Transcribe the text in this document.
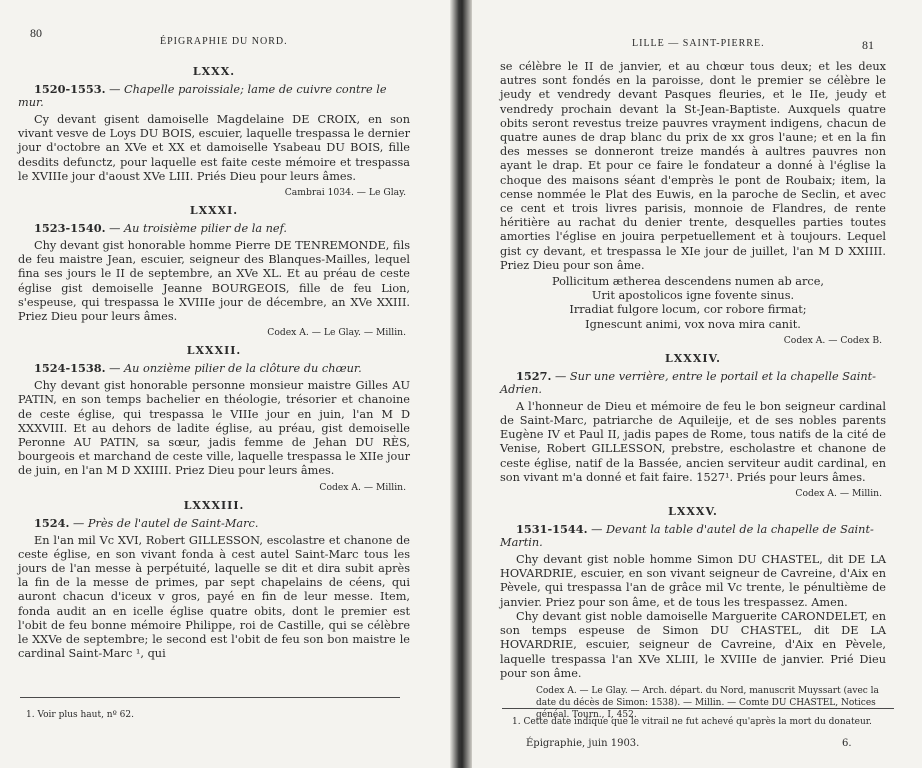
80
ÉPIGRAPHIE DU NORD.
LXXX.

1520-1553. — Chapelle paroissiale; lame de cuivre contre le mur.

Cy devant gisent damoiselle Magdelaine DE CROIX, en son vivant vesve de Loys DU BOIS, escuier, laquelle trespassa le dernier jour d'octobre an XVe et XX et damoiselle Ysabeau DU BOIS, fille desdits defunctz, pour laquelle est faite ceste mémoire et trespassa le XVIIIe jour d'aoust XVe LIII. Priés Dieu pour leurs âmes.

Cambrai 1034. — Le Glay.
LXXXI.

1523-1540. — Au troisième pilier de la nef.

Chy devant gist honorable homme Pierre DE TENREMONDE, fils de feu maistre Jean, escuier, seigneur des Blanques-Mailles, lequel fina ses jours le II de septembre, an XVe XL. Et au préau de ceste église gist demoiselle Jeanne BOURGEOIS, fille de feu Lion, s'espeuse, qui trespassa le XVIIIe jour de décembre, an XVe XXIII. Priez Dieu pour leurs âmes.

Codex A. — Le Glay. — Millin.
LXXXII.

1524-1538. — Au onzième pilier de la clôture du chœur.

Chy devant gist honorable personne monsieur maistre Gilles AU PATIN, en son temps bachelier en théologie, trésorier et chanoine de ceste église, qui trespassa le VIIIe jour en juin, l'an M D XXXVIII. Et au dehors de ladite église, au préau, gist demoiselle Peronne AU PATIN, sa sœur, jadis femme de Jehan DU RÈS, bourgeois et marchand de ceste ville, laquelle trespassa le XIIe jour de juin, en l'an M D XXIIII. Priez Dieu pour leurs âmes.

Codex A. — Millin.
LXXXIII.

1524. — Près de l'autel de Saint-Marc.

En l'an mil Vc XVI, Robert GILLESSON, escolastre et chanone de ceste église, en son vivant fonda à cest autel Saint-Marc tous les jours de l'an messe à perpétuité, laquelle se dit et dira subit après la fin de la messe de primes, par sept chapelains de céens, qui auront chacun d'iceux v gros, payé en fin de leur messe. Item, fonda audit an en icelle église quatre obits, dont le premier est l'obit de feu bonne mémoire Philippe, roi de Castille, qui se célèbre le XXVe de septembre; le second est l'obit de feu son bon maistre le cardinal Saint-Marc ¹, qui

1. Voir plus haut, nº 62.
LILLE — SAINT-PIERRE.	81

se célèbre le II de janvier, et au chœur tous deux; et les deux autres sont fondés en la paroisse, dont le premier se célèbre le jeudy et vendredy devant Pasques fleuries, et le IIe, jeudy et vendredy prochain devant la St-Jean-Baptiste. Auxquels quatre obits seront revestus treize pauvres vrayment indigens, chacun de quatre aunes de drap blanc du prix de xx gros l'aune; et en la fin des messes se donneront treize mandés à aultres pauvres non ayant le drap. Et pour ce faire le fondateur a donné à l'église la choque des maisons séant d'emprès le pont de Roubaix; item, la cense nommée le Plat des Euwis, en la paroche de Seclin, et avec ce cent et trois livres parisis, monnoie de Flandres, de rente héritière au rachat du denier trente, desquelles parties toutes amorties l'église en jouira perpetuellement et à toujours. Lequel gist cy devant, et trespassa le XIe jour de juillet, l'an M D XXIIII. Priez Dieu pour son âme.

Pollicitum ætherea descendens numen ab arce,
Urit apostolicos igne fovente sinus.
Irradiat fulgore locum, cor robore firmat;
Ignescunt animi, vox nova mira canit.
Codex A. — Codex B.
LXXXIV.

1527. — Sur une verrière, entre le portail et la chapelle Saint-Adrien.

A l'honneur de Dieu et mémoire de feu le bon seigneur cardinal de Saint-Marc, patriarche de Aquileije, et de ses nobles parents Eugène IV et Paul II, jadis papes de Rome, tous natifs de la cité de Venise, Robert GILLESSON, prebstre, escholastre et chanone de ceste église, natif de la Bassée, ancien serviteur audit cardinal, en son vivant m'a donné et fait faire. 1527¹. Priés pour leurs âmes.

Codex A. — Millin.
LXXXV.

1531-1544. — Devant la table d'autel de la chapelle de Saint-Martin.

Chy devant gist noble homme Simon DU CHASTEL, dit DE LA HOVARDRIE, escuier, en son vivant seigneur de Cavreine, d'Aix en Pèvele, qui trespassa l'an de grâce mil Vc trente, le pénultième de janvier. Priez pour son âme, et de tous les trespassez. Amen.

Chy devant gist noble damoiselle Marguerite CARONDELET, en son temps espeuse de Simon DU CHASTEL, dit DE LA HOVARDRIE, escuier, seigneur de Cavreine, d'Aix en Pèvele, laquelle trespassa l'an XVe XLIII, le XVIIIe de janvier. Prié Dieu pour son âme.

Codex A. — Le Glay. — Arch. départ. du Nord, manuscrit Muyssart (avec la date du décès de Simon: 1538). — Millin. — Comte DU CHASTEL, Notices généal. Tourn., I, 452.
1. Cette date indique que le vitrail ne fut achevé qu'après la mort du donateur.
Épigraphie, juin 1903.	6.
